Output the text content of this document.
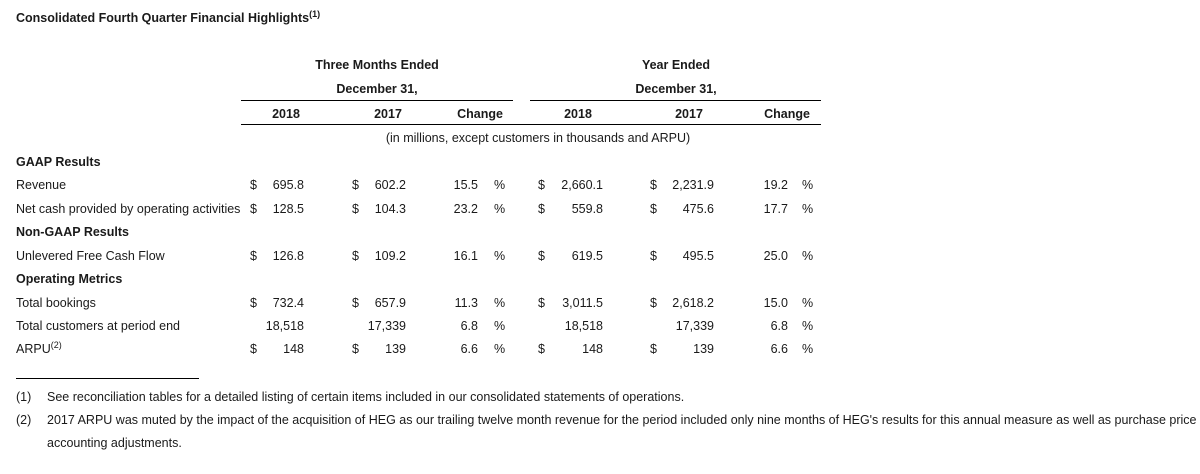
Consolidated Fourth Quarter Financial Highlights$^{(1)}$
Three Months Ended
December 31,
Year Ended
December 31,
2018	2017	Change	2018	2017	Change
(in millions, except customers in thousands and ARPU)
GAAP Results
Revenue	$	695.8	$	602.2	15.5 %	$	2,660.1	$	2,231.9	19.2 %
Net cash provided by operating activities $	128.5	$	104.3	23.2 %	$	559.8	$	475.6	17.7 %
Non-GAAP Results
Unlevered Free Cash Flow	$	126.8	$	109.2	16.1 %	$	619.5	$	495.5	25.0 %
Operating Metrics
Total bookings	$	732.4	$	657.9	11.3 %	$	3,011.5	$	2,618.2	15.0 %
Total customers at period end	18,518	17,339	6.8 %	18,518	17,339	6.8 %
ARPU$^{(2)}$	$	148	$	139	6.6 %	$	148	$	139	6.6 %
(1) See reconciliation tables for a detailed listing of certain items included in our consolidated statements of operations.
(2) 2017 ARPU was muted by the impact of the acquisition of HEG as our trailing twelve month revenue for the period included only nine months of HEG's results for this annual measure as well as purchase price
accounting adjustments.
